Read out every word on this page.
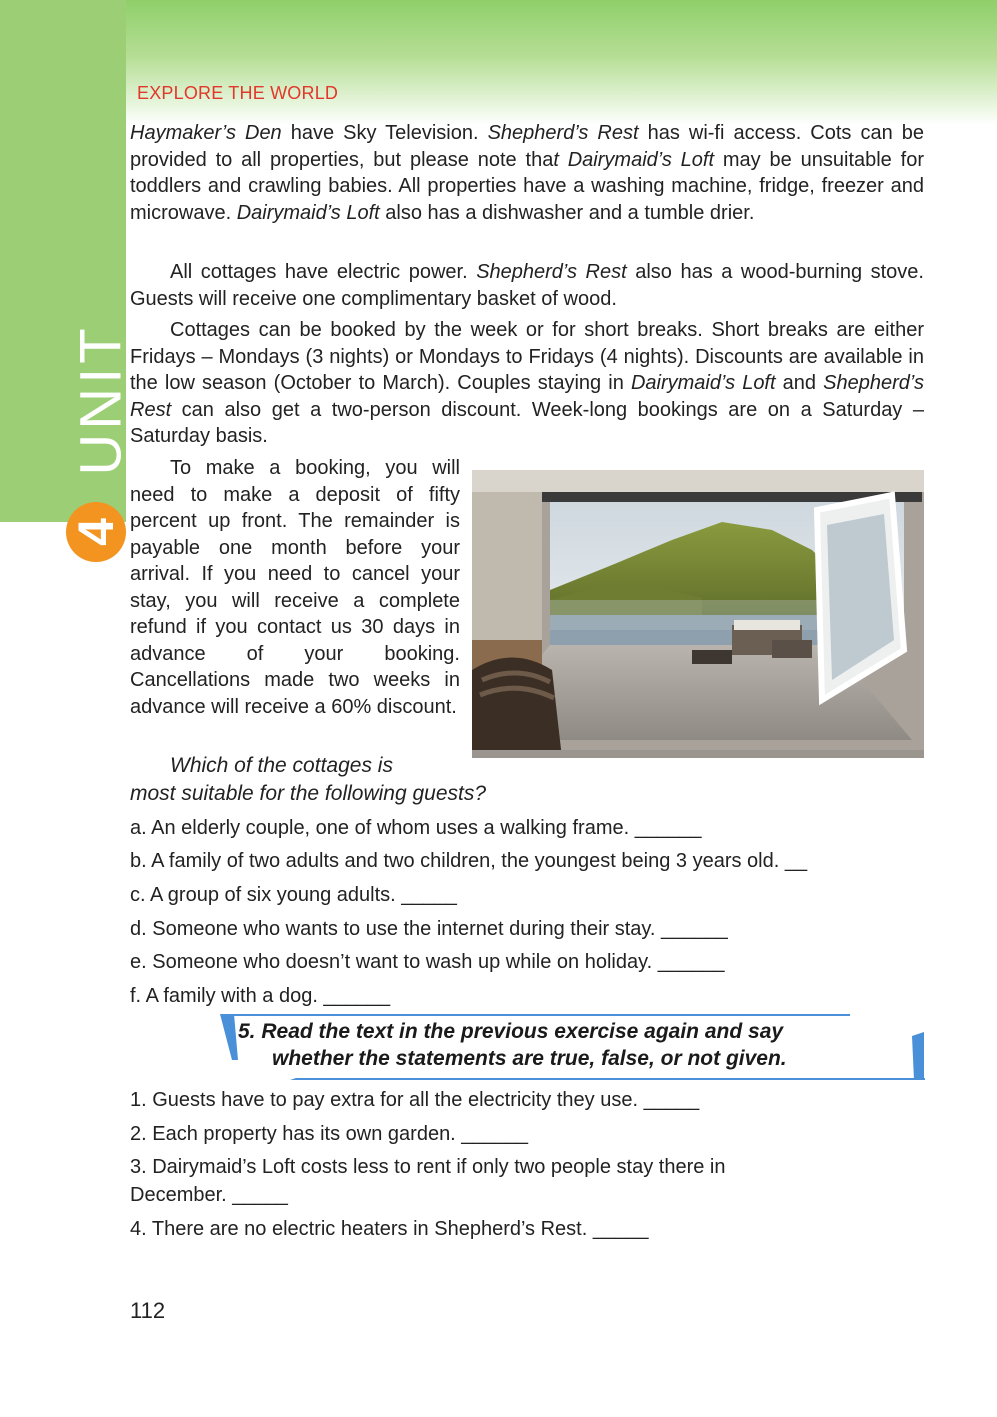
EXPLORE THE WORLD
UNIT
4

Haymaker’s Den have Sky Television. Shepherd’s Rest has wi-fi access. Cots can be provided to all properties, but please note that Dairymaid’s Loft may be unsuitable for toddlers and crawling babies. All properties have a washing machine, fridge, freezer and microwave. Dairymaid’s Loft also has a dishwasher and a tumble drier.

All cottages have electric power. Shepherd’s Rest also has a wood-burning stove. Guests will receive one complimentary basket of wood.

Cottages can be booked by the week or for short breaks. Short breaks are either Fridays – Mondays (3 nights) or Mondays to Fridays (4 nights). Discounts are available in the low season (October to March). Couples staying in Dairymaid’s Loft and Shepherd’s Rest can also get a two-person discount. Week-long bookings are on a Saturday – Saturday basis.

To make a booking, you will need to make a deposit of fifty percent up front. The remainder is payable one month before your arrival. If you need to cancel your stay, you will receive a complete refund if you contact us 30 days in advance of your booking. Cancellations made two weeks in advance will receive a 60% discount.

Which of the cottages is
most suitable for the following guests?

a. An elderly couple, one of whom uses a walking frame. ______

b. A family of two adults and two children, the youngest being 3 years old. __

c. A group of six young adults. _____

d. Someone who wants to use the internet during their stay. ______

e. Someone who doesn’t want to wash up while on holiday. ______

f. A family with a dog. ______

5. Read the text in the previous exercise again and say
whether the statements are true, false, or not given.

1. Guests have to pay extra for all the electricity they use. _____

2. Each property has its own garden. ______

3. Dairymaid’s Loft costs less to rent if only two people stay there in

December. _____

4. There are no electric heaters in Shepherd’s Rest. _____

112
